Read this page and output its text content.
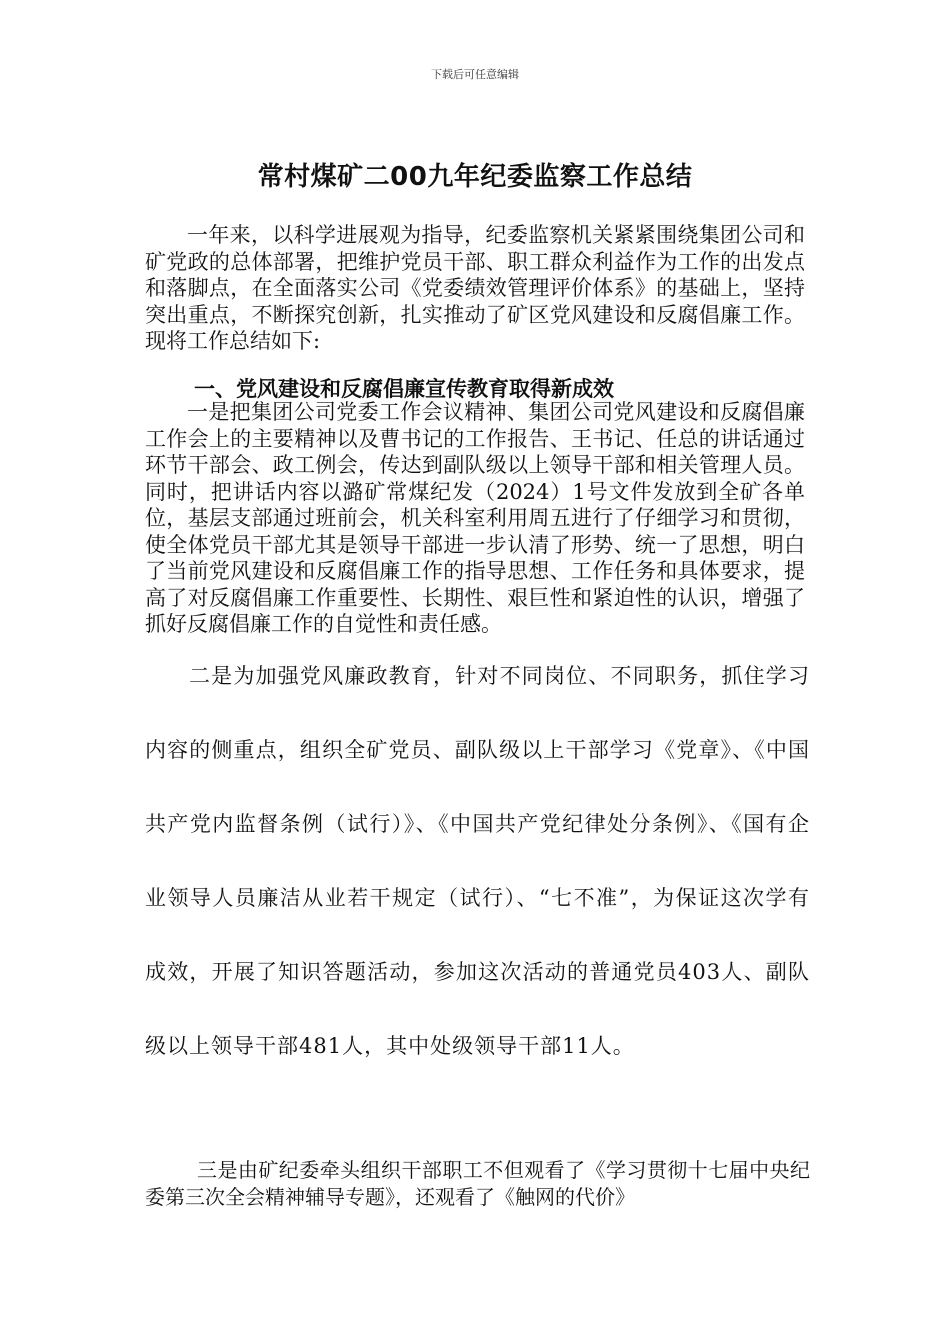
下载后可任意编辑
常村煤矿二00九年纪委监察工作总结

一年来，以科学进展观为指导，纪委监察机关紧紧围绕集团公司和矿党政的总体部署，把维护党员干部、职工群众利益作为工作的出发点和落脚点，在全面落实公司《党委绩效管理评价体系》的基础上，坚持突出重点，不断探究创新，扎实推动了矿区党风建设和反腐倡廉工作。现将工作总结如下:

一、党风建设和反腐倡廉宣传教育取得新成效

一是把集团公司党委工作会议精神、集团公司党风建设和反腐倡廉工作会上的主要精神以及曹书记的工作报告、王书记、任总的讲话通过环节干部会、政工例会，传达到副队级以上领导干部和相关管理人员。同时，把讲话内容以潞矿常煤纪发（2024）1号文件发放到全矿各单位，基层支部通过班前会，机关科室利用周五进行了仔细学习和贯彻，使全体党员干部尤其是领导干部进一步认清了形势、统一了思想，明白了当前党风建设和反腐倡廉工作的指导思想、工作任务和具体要求，提高了对反腐倡廉工作重要性、长期性、艰巨性和紧迫性的认识，增强了抓好反腐倡廉工作的自觉性和责任感。

二是为加强党风廉政教育，针对不同岗位、不同职务，抓住学习内容的侧重点，组织全矿党员、副队级以上干部学习《党章》、《中国共产党内监督条例（试行）》、《中国共产党纪律处分条例》、《国有企业领导人员廉洁从业若干规定（试行）、“七不准”，为保证这次学有成效，开展了知识答题活动，参加这次活动的普通党员403人、副队级以上领导干部481人，其中处级领导干部11人。

三是由矿纪委牵头组织干部职工不但观看了《学习贯彻十七届中央纪委第三次全会精神辅导专题》，还观看了《触网的代价》
